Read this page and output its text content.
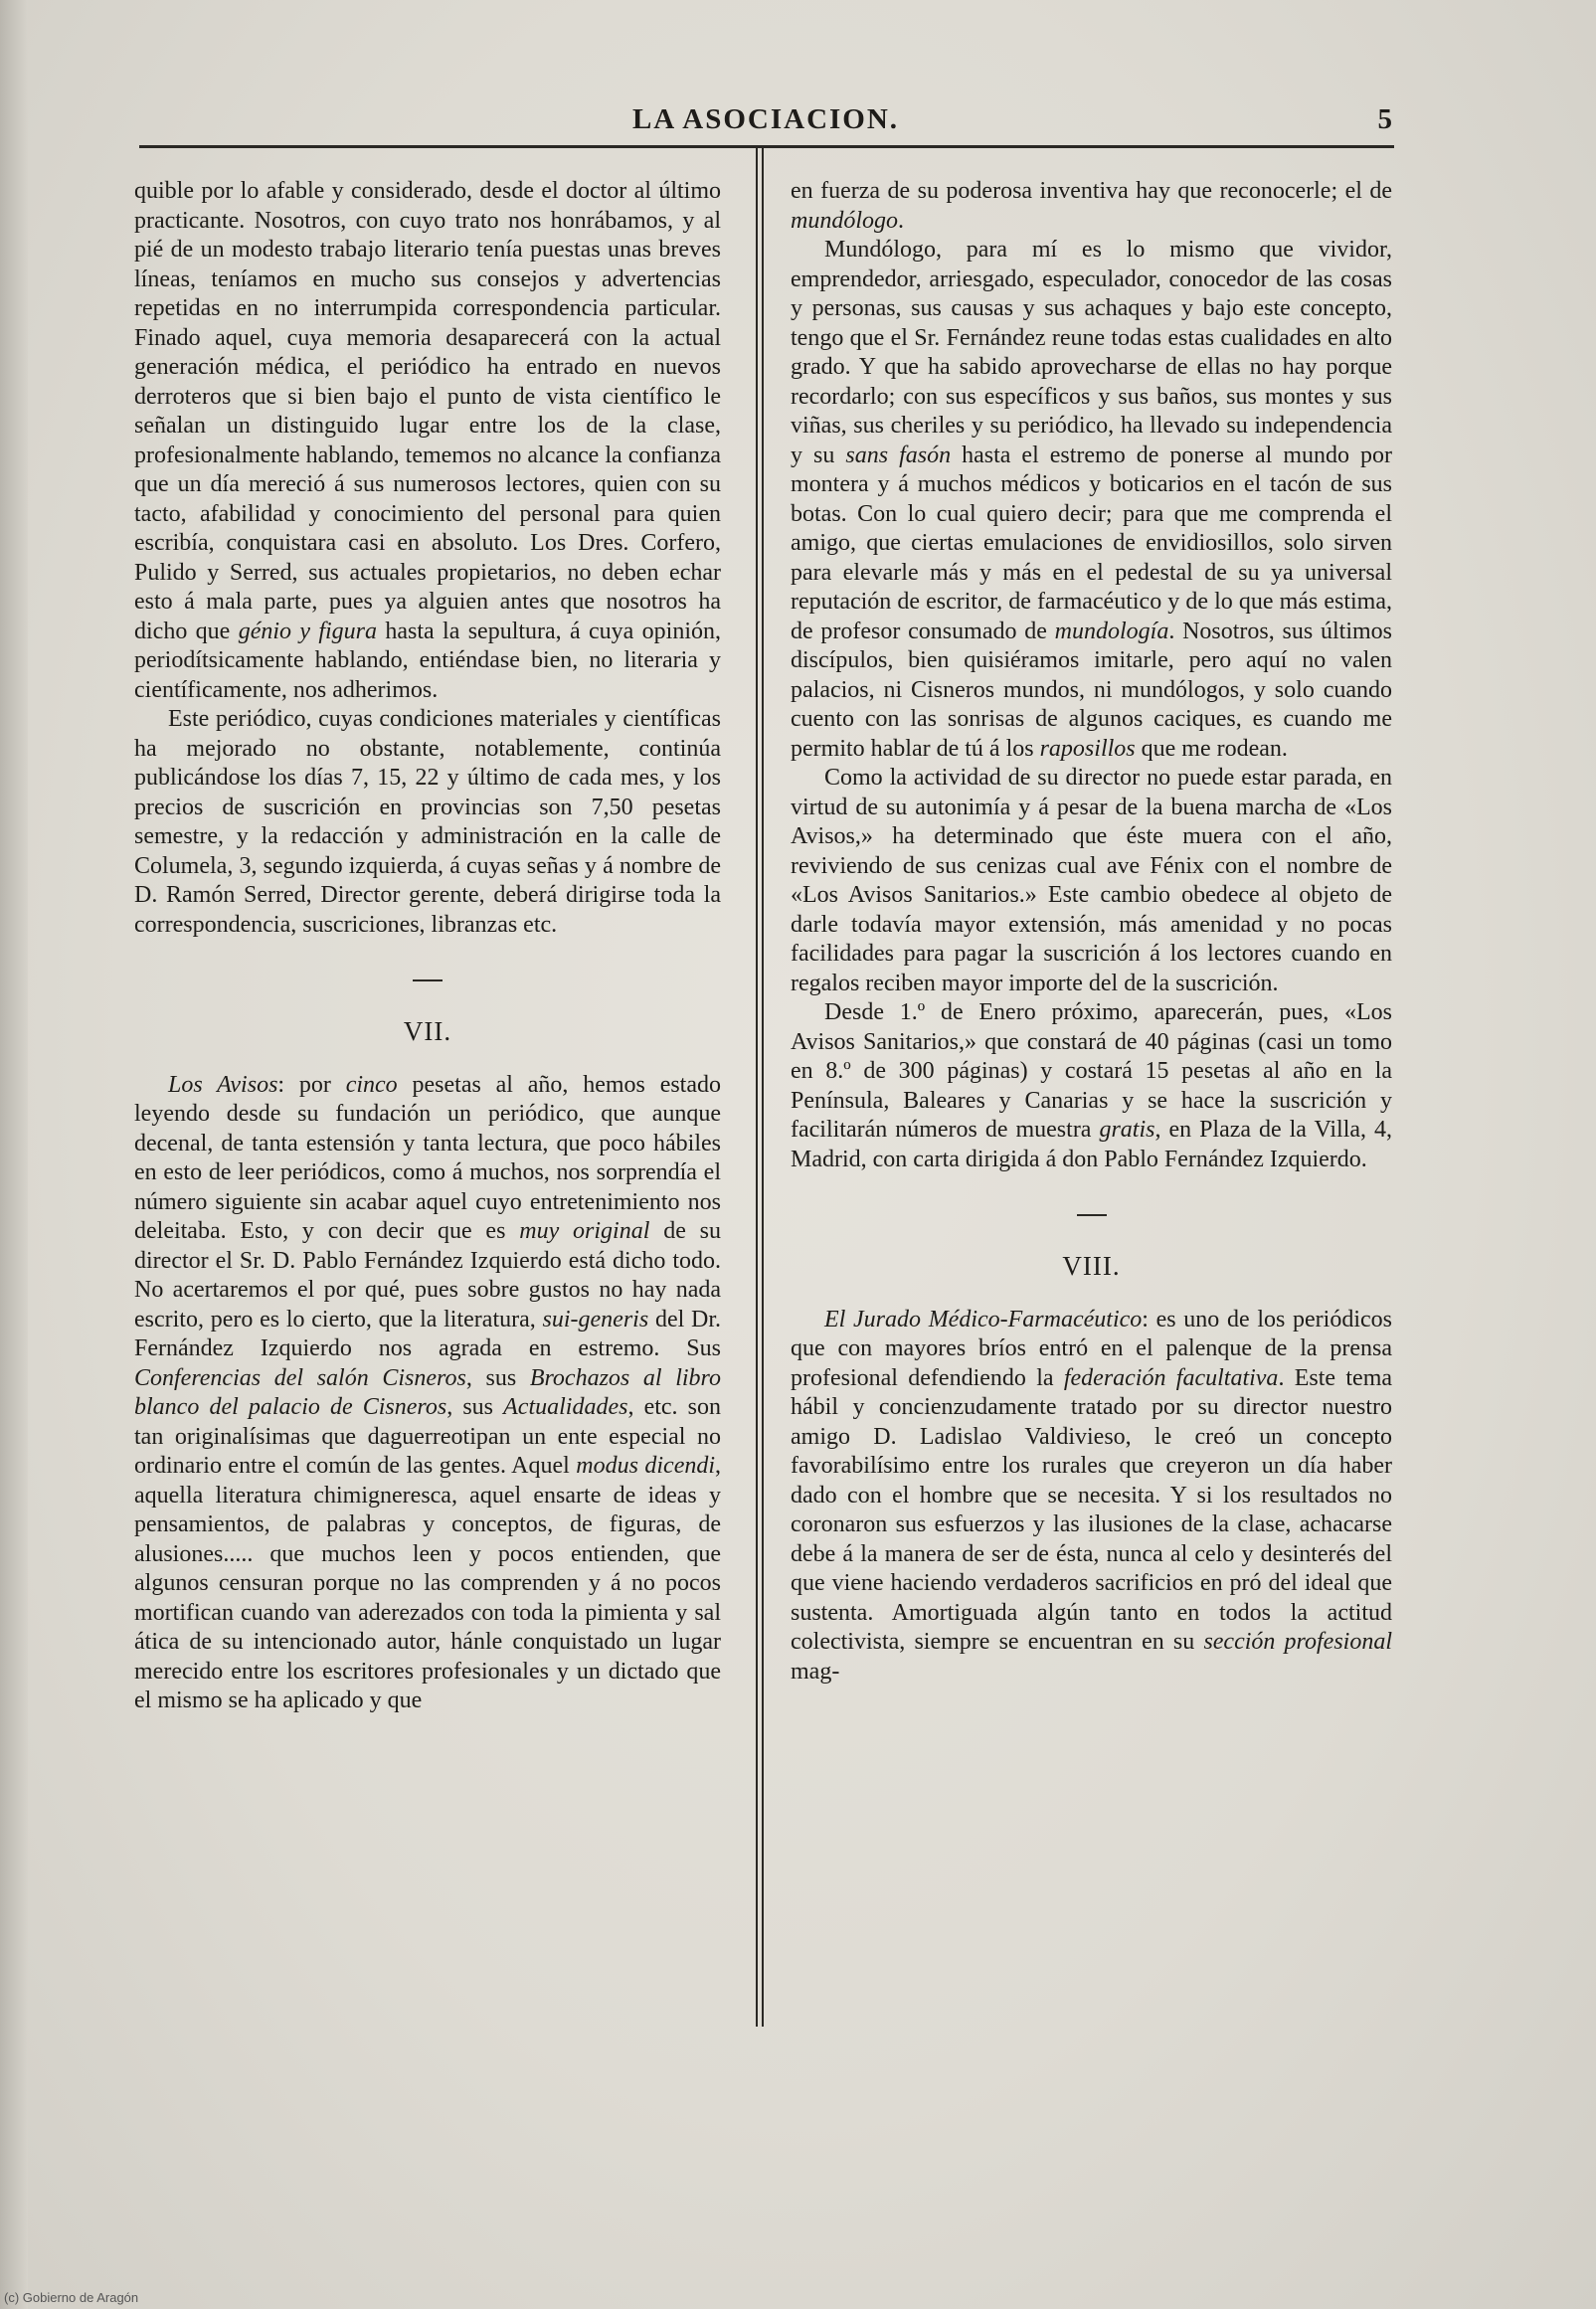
LA ASOCIACION.	5

quible por lo afable y considerado, desde el doctor al último practicante. Nosotros, con cuyo trato nos honrábamos, y al pié de un modesto trabajo literario tenía puestas unas breves líneas, teníamos en mucho sus consejos y advertencias repetidas en no interrumpida correspondencia particular. Finado aquel, cuya memoria desaparecerá con la actual generación médica, el periódico ha entrado en nuevos derroteros que si bien bajo el punto de vista científico le señalan un distinguido lugar entre los de la clase, profesionalmente hablando, tememos no alcance la confianza que un día mereció á sus numerosos lectores, quien con su tacto, afabilidad y conocimiento del personal para quien escribía, conquistara casi en absoluto. Los Dres. Corfero, Pulido y Serred, sus actuales propietarios, no deben echar esto á mala parte, pues ya alguien antes que nosotros ha dicho que génio y figura hasta la sepultura, á cuya opinión, periodítsicamente hablando, entiéndase bien, no literaria y científicamente, nos adherimos.

Este periódico, cuyas condiciones materiales y científicas ha mejorado no obstante, notablemente, continúa publicándose los días 7, 15, 22 y último de cada mes, y los precios de suscrición en provincias son 7,50 pesetas semestre, y la redacción y administración en la calle de Columela, 3, segundo izquierda, á cuyas señas y á nombre de D. Ramón Serred, Director gerente, deberá dirigirse toda la correspondencia, suscriciones, libranzas etc.

VII.

Los Avisos: por cinco pesetas al año, hemos estado leyendo desde su fundación un periódico, que aunque decenal, de tanta estensión y tanta lectura, que poco hábiles en esto de leer periódicos, como á muchos, nos sorprendía el número siguiente sin acabar aquel cuyo entretenimiento nos deleitaba. Esto, y con decir que es muy original de su director el Sr. D. Pablo Fernández Izquierdo está dicho todo. No acertaremos el por qué, pues sobre gustos no hay nada escrito, pero es lo cierto, que la literatura, sui-generis del Dr. Fernández Izquierdo nos agrada en estremo. Sus Conferencias del salón Cisneros, sus Brochazos al libro blanco del palacio de Cisneros, sus Actualidades, etc. son tan originalísimas que daguerreotipan un ente especial no ordinario entre el común de las gentes. Aquel modus dicendi, aquella literatura chimigneresca, aquel ensarte de ideas y pensamientos, de palabras y conceptos, de figuras, de alusiones..... que muchos leen y pocos entienden, que algunos censuran porque no las comprenden y á no pocos mortifican cuando van aderezados con toda la pimienta y sal ática de su intencionado autor, hánle conquistado un lugar merecido entre los escritores profesionales y un dictado que el mismo se ha aplicado y que

en fuerza de su poderosa inventiva hay que reconocerle; el de mundólogo.

Mundólogo, para mí es lo mismo que vividor, emprendedor, arriesgado, especulador, conocedor de las cosas y personas, sus causas y sus achaques y bajo este concepto, tengo que el Sr. Fernández reune todas estas cualidades en alto grado. Y que ha sabido aprovecharse de ellas no hay porque recordarlo; con sus específicos y sus baños, sus montes y sus viñas, sus cheriles y su periódico, ha llevado su independencia y su sans fasón hasta el estremo de ponerse al mundo por montera y á muchos médicos y boticarios en el tacón de sus botas. Con lo cual quiero decir; para que me comprenda el amigo, que ciertas emulaciones de envidiosillos, solo sirven para elevarle más y más en el pedestal de su ya universal reputación de escritor, de farmacéutico y de lo que más estima, de profesor consumado de mundología. Nosotros, sus últimos discípulos, bien quisiéramos imitarle, pero aquí no valen palacios, ni Cisneros mundos, ni mundólogos, y solo cuando cuento con las sonrisas de algunos caciques, es cuando me permito hablar de tú á los raposillos que me rodean.

Como la actividad de su director no puede estar parada, en virtud de su autonimía y á pesar de la buena marcha de «Los Avisos,» ha determinado que éste muera con el año, reviviendo de sus cenizas cual ave Fénix con el nombre de «Los Avisos Sanitarios.» Este cambio obedece al objeto de darle todavía mayor extensión, más amenidad y no pocas facilidades para pagar la suscrición á los lectores cuando en regalos reciben mayor importe del de la suscrición.

Desde 1.º de Enero próximo, aparecerán, pues, «Los Avisos Sanitarios,» que constará de 40 páginas (casi un tomo en 8.º de 300 páginas) y costará 15 pesetas al año en la Península, Baleares y Canarias y se hace la suscrición y facilitarán números de muestra gratis, en Plaza de la Villa, 4, Madrid, con carta dirigida á don Pablo Fernández Izquierdo.

VIII.

El Jurado Médico-Farmacéutico: es uno de los periódicos que con mayores bríos entró en el palenque de la prensa profesional defendiendo la federación facultativa. Este tema hábil y concienzudamente tratado por su director nuestro amigo D. Ladislao Valdivieso, le creó un concepto favorabilísimo entre los rurales que creyeron un día haber dado con el hombre que se necesita. Y si los resultados no coronaron sus esfuerzos y las ilusiones de la clase, achacarse debe á la manera de ser de ésta, nunca al celo y desinterés del que viene haciendo verdaderos sacrificios en pró del ideal que sustenta. Amortiguada algún tanto en todos la actitud colectivista, siempre se encuentran en su sección profesional mag-

(c) Gobierno de Aragón
